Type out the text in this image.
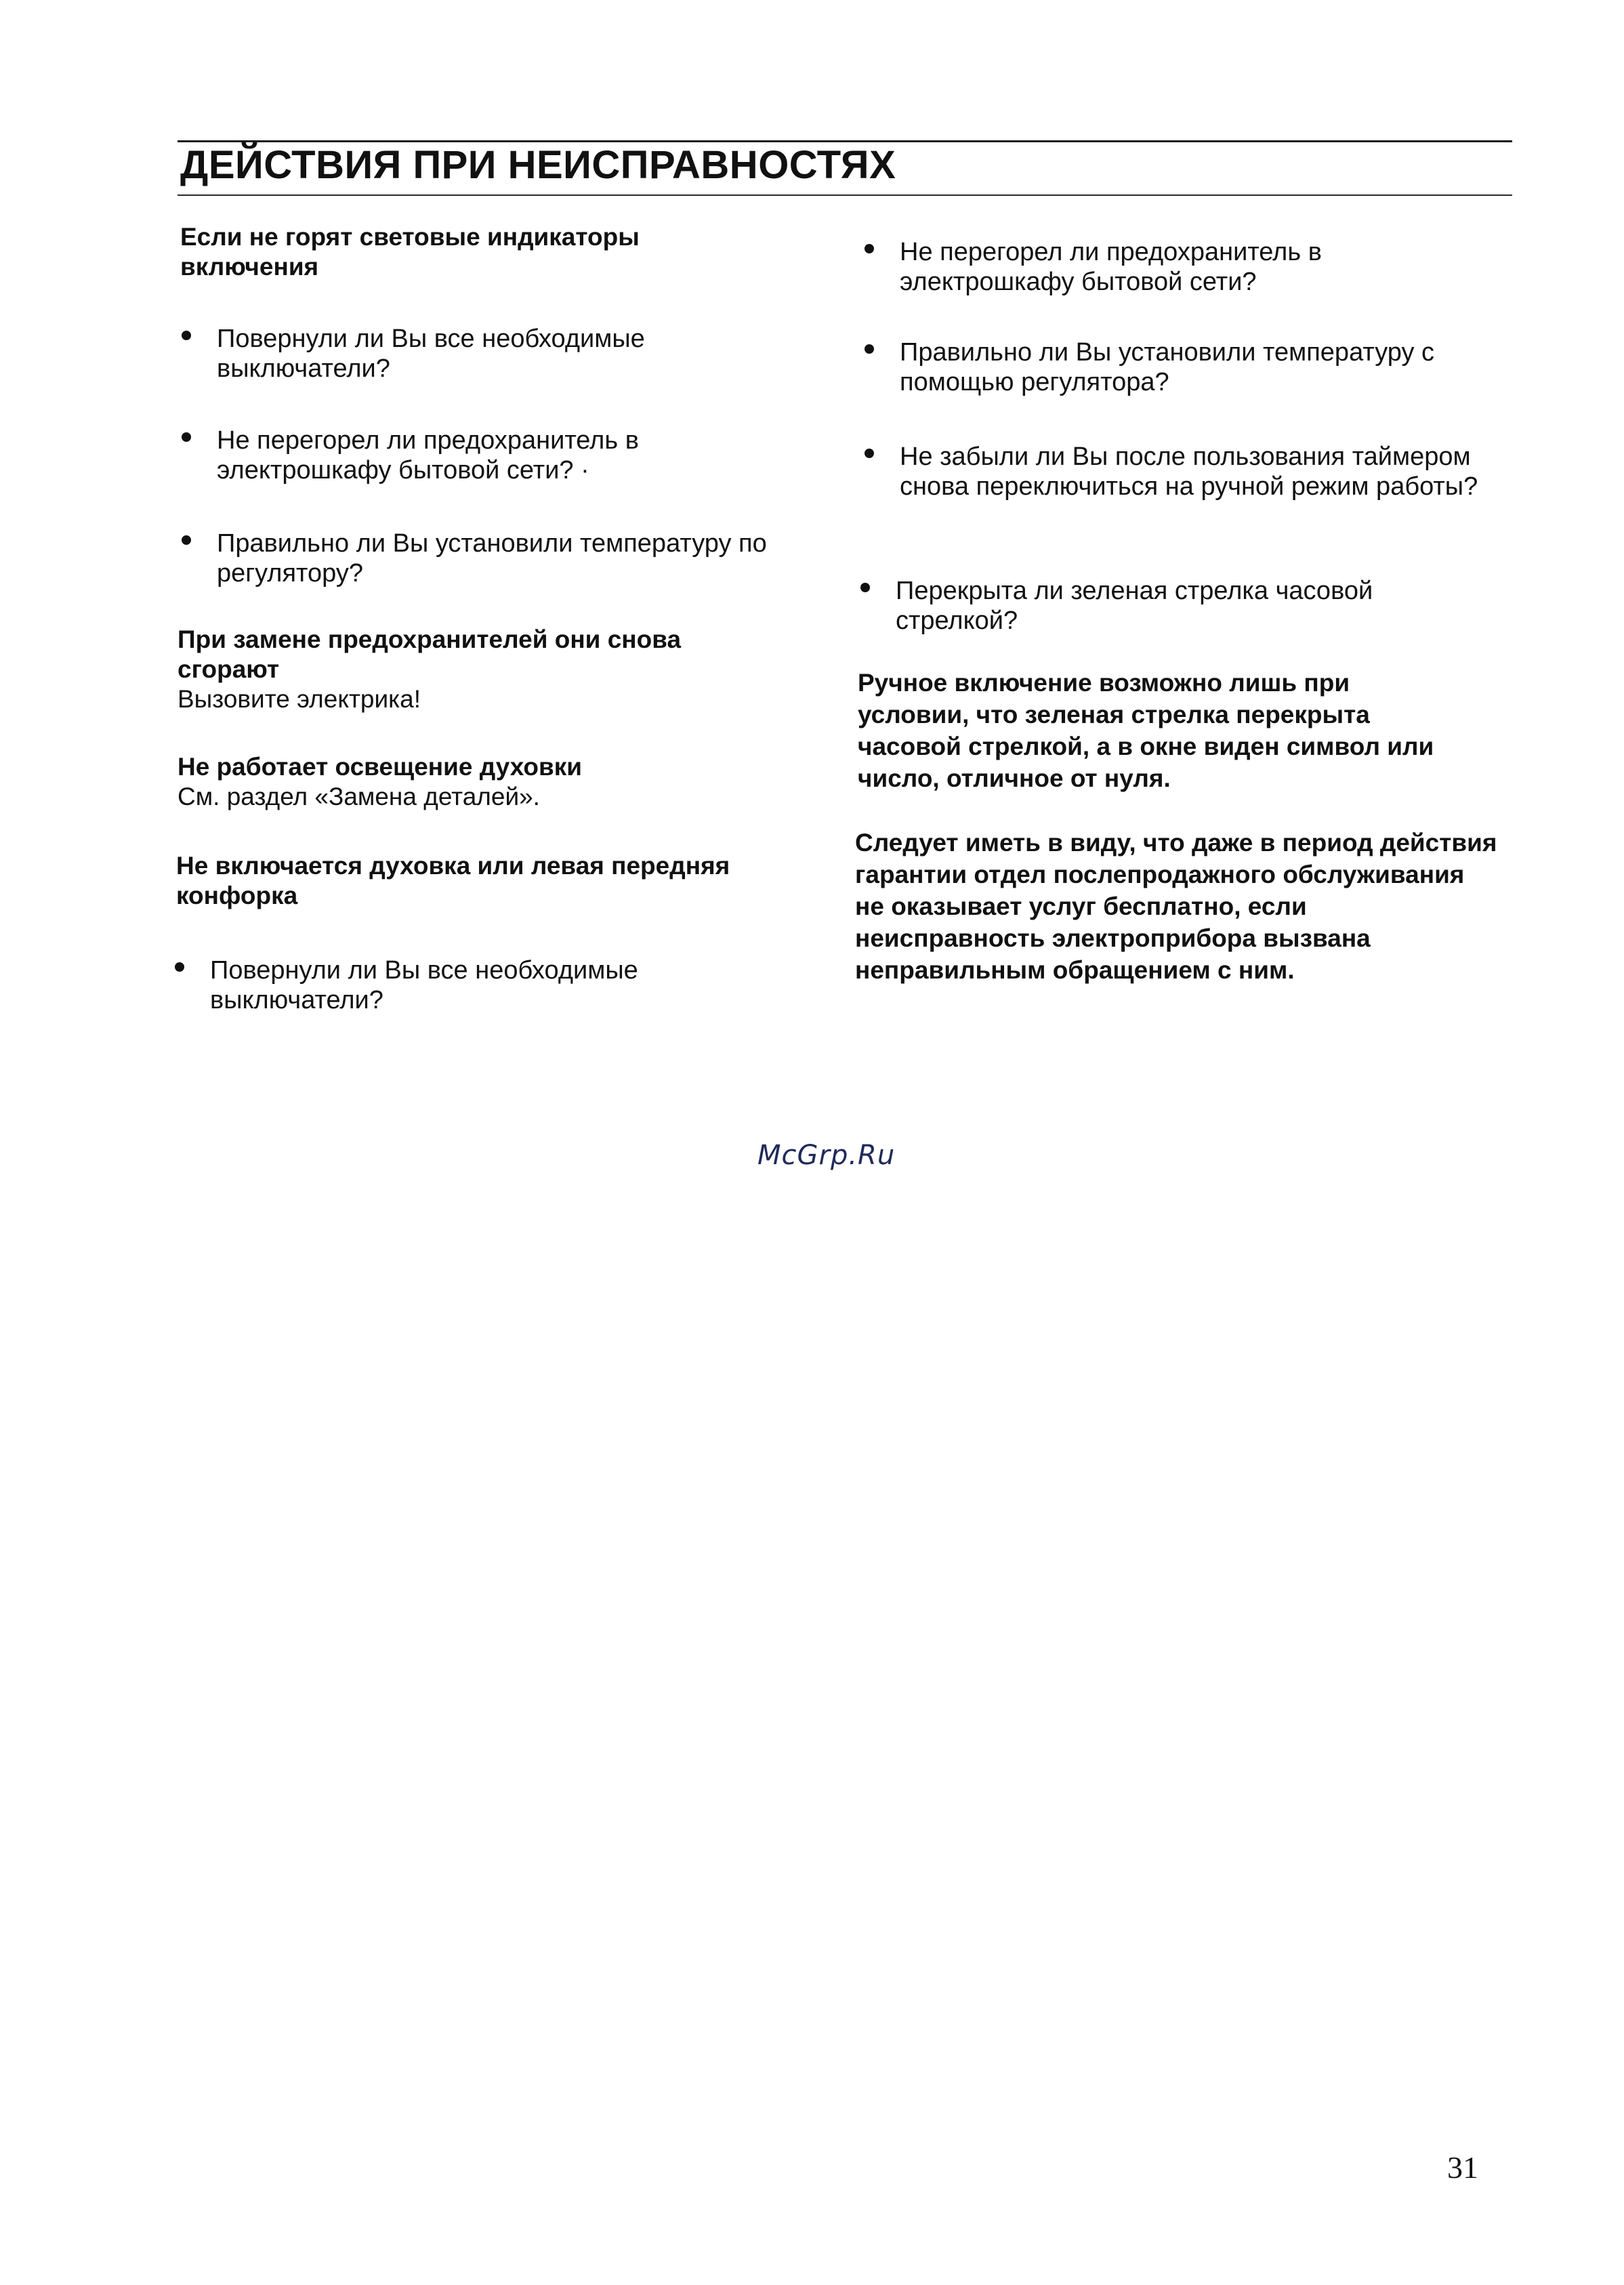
ДЕЙСТВИЯ ПРИ НЕИСПРАВНОСТЯХ
Если не горят световые индикаторы включения
Повернули ли Вы все необходимые выключатели?
Не перегорел ли предохранитель в электрошкафу бытовой сети? ·
Правильно ли Вы установили температуру по регулятору?
При замене предохранителей они снова сгорают
Вызовите электрика!
Не работает освещение духовки
См. раздел «Замена деталей».
Не включается духовка или левая передняя конфорка
Повернули ли Вы все необходимые выключатели?
Не перегорел ли предохранитель в электрошкафу бытовой сети?
Правильно ли Вы установили температуру с помощью регулятора?
Не забыли ли Вы после пользования таймером снова переключиться на ручной режим работы?
Перекрыта ли зеленая стрелка часовой стрелкой?
Ручное включение возможно лишь при условии, что зеленая стрелка перекрыта часовой стрелкой, а в окне виден символ или число, отличное от нуля.
Следует иметь в виду, что даже в период действия гарантии отдел послепродажного обслуживания не оказывает услуг бесплатно, если неисправность электроприбора вызвана неправильным обращением с ним.
McGrp.Ru
31
